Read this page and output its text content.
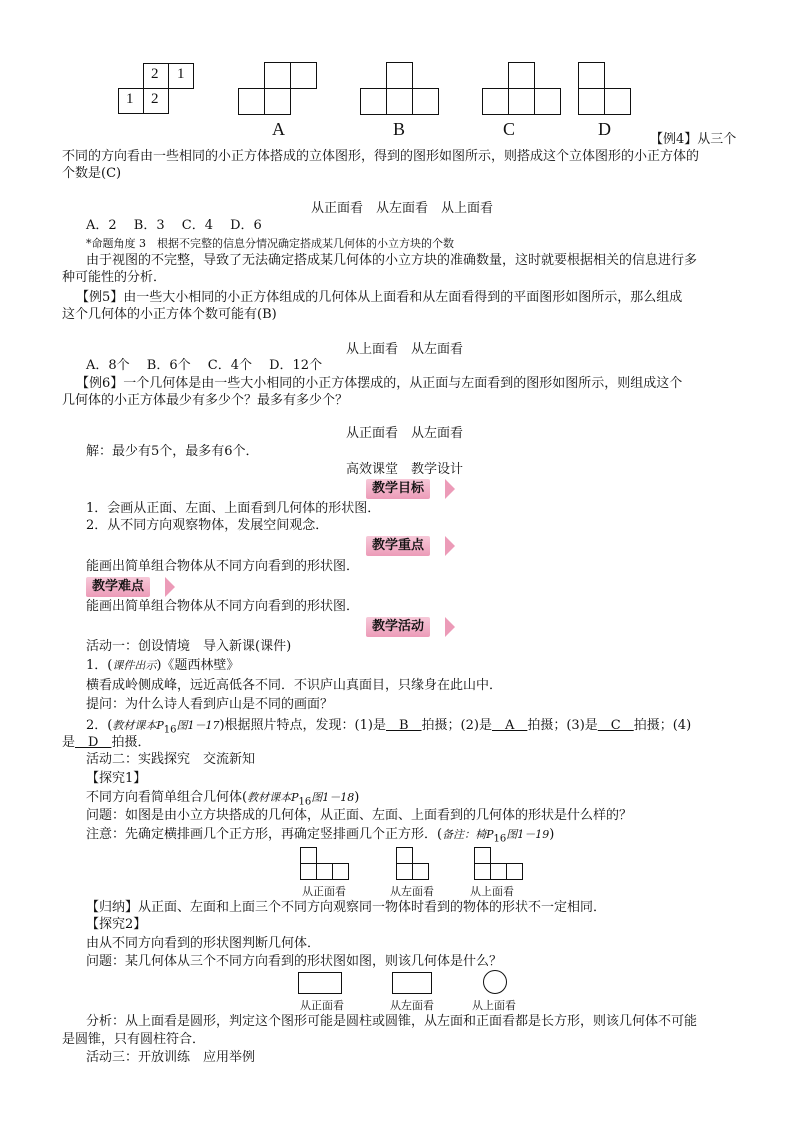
2 1
1 2
A	B	C	D
【例4】从三个
不同的方向看由一些相同的小正方体搭成的立体图形，得到的图形如图所示，则搭成这个立体图形的小正方体的
个数是(C)
从正面看　从左面看　从上面看
A．2　 B．3　 C．4　 D．6
*命题角度 3　根据不完整的信息分情况确定搭成某几何体的小立方块的个数
由于视图的不完整，导致了无法确定搭成某几何体的小立方块的准确数量，这时就要根据相关的信息进行多
种可能性的分析．
【例5】由一些大小相同的小正方体组成的几何体从上面看和从左面看得到的平面图形如图所示，那么组成
这个几何体的小正方体个数可能有(B)
从上面看　从左面看
A．8个　 B．6个　 C．4个　 D．12个
【例6】一个几何体是由一些大小相同的小正方体摆成的，从正面与左面看到的图形如图所示，则组成这个
几何体的小正方体最少有多少个？最多有多少个？
从正面看　从左面看
解：最少有5个，最多有6个．
高效课堂　教学设计
教学目标
1．会画从正面、左面、上面看到几何体的形状图．
2．从不同方向观察物体，发展空间观念．
教学重点
能画出简单组合物体从不同方向看到的形状图．
教学难点
能画出简单组合物体从不同方向看到的形状图．
教学活动
活动一：创设情境　导入新课(课件)
1．(课件出示)《题西林壁》
横看成岭侧成峰，远近高低各不同．不识庐山真面目，只缘身在此山中．
提问：为什么诗人看到庐山是不同的画面？
2．(教材课本$P_{16}$图1－17)根据照片特点，发现：(1)是　B　拍摄；(2)是　A　拍摄；(3)是　C　拍摄；(4)
是　D　拍摄．
活动二：实践探究　交流新知
【探究1】
不同方向看简单组合几何体(教材课本$P_{16}$图1－18)
问题：如图是由小立方块搭成的几何体，从正面、左面、上面看到的几何体的形状是什么样的？
注意：先确定横排画几个正方形，再确定竖排画几个正方形．(备注：椅$P_{16}$图1－19)
从正面看	从左面看	从上面看
【归纳】从正面、左面和上面三个不同方向观察同一物体时看到的物体的形状不一定相同．
【探究2】
由从不同方向看到的形状图判断几何体．
问题：某几何体从三个不同方向看到的形状图如图，则该几何体是什么？
从正面看	从左面看	从上面看
分析：从上面看是圆形，判定这个图形可能是圆柱或圆锥，从左面和正面看都是长方形，则该几何体不可能
是圆锥，只有圆柱符合．
活动三：开放训练　应用举例
